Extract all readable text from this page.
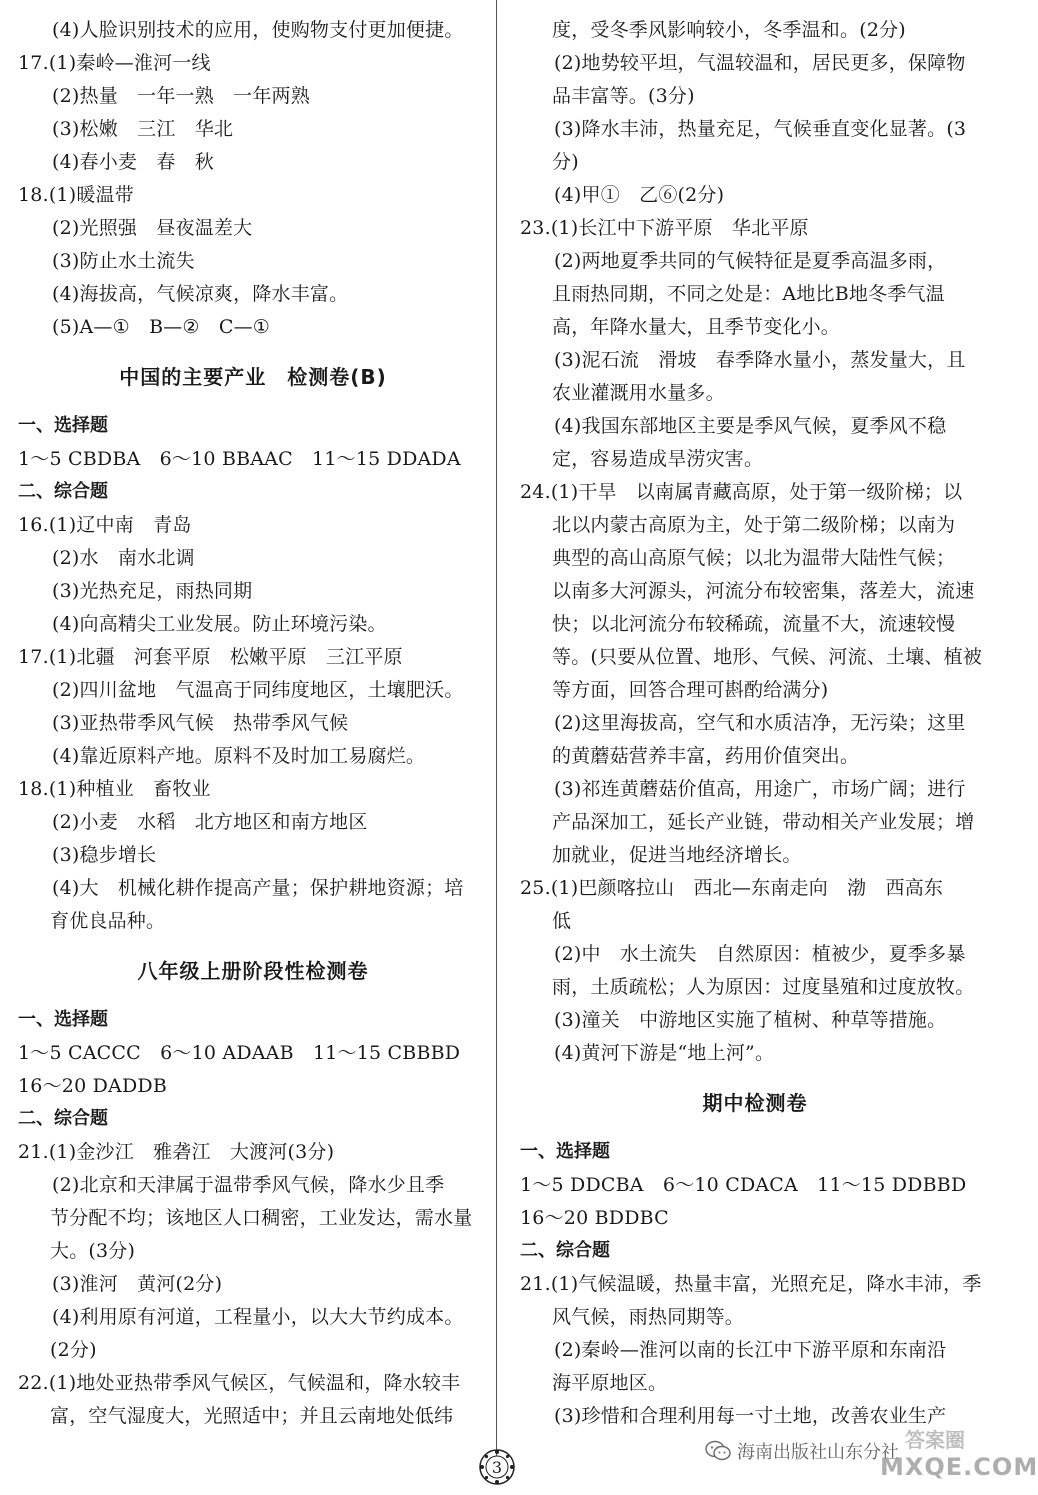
(4)人脸识别技术的应用，使购物支付更加便捷。
17.(1)秦岭—淮河一线
(2)热量　一年一熟　一年两熟
(3)松嫩　三江　华北
(4)春小麦　春　秋
18.(1)暖温带
(2)光照强　昼夜温差大
(3)防止水土流失
(4)海拔高，气候凉爽，降水丰富。
(5)A—①　B—②　C—①
中国的主要产业　检测卷(B)
一、选择题
1～5 CBDBA　6～10 BBAAC　11～15 DDADA
二、综合题
16.(1)辽中南　青岛
(2)水　南水北调
(3)光热充足，雨热同期
(4)向高精尖工业发展。防止环境污染。
17.(1)北疆　河套平原　松嫩平原　三江平原
(2)四川盆地　气温高于同纬度地区，土壤肥沃。
(3)亚热带季风气候　热带季风气候
(4)靠近原料产地。原料不及时加工易腐烂。
18.(1)种植业　畜牧业
(2)小麦　水稻　北方地区和南方地区
(3)稳步增长
(4)大　机械化耕作提高产量；保护耕地资源；培
育优良品种。
八年级上册阶段性检测卷
一、选择题
1～5 CACCC　6～10 ADAAB　11～15 CBBBD
16～20 DADDB
二、综合题
21.(1)金沙江　雅砻江　大渡河(3分)
(2)北京和天津属于温带季风气候，降水少且季
节分配不均；该地区人口稠密，工业发达，需水量
大。(3分)
(3)淮河　黄河(2分)
(4)利用原有河道，工程量小，以大大节约成本。
(2分)
22.(1)地处亚热带季风气候区，气候温和，降水较丰
富，空气湿度大，光照适中；并且云南地处低纬
度，受冬季风影响较小，冬季温和。(2分)
(2)地势较平坦，气温较温和，居民更多，保障物
品丰富等。(3分)
(3)降水丰沛，热量充足，气候垂直变化显著。(3
分)
(4)甲①　乙⑥(2分)
23.(1)长江中下游平原　华北平原
(2)两地夏季共同的气候特征是夏季高温多雨，
且雨热同期，不同之处是：A地比B地冬季气温
高，年降水量大，且季节变化小。
(3)泥石流　滑坡　春季降水量小，蒸发量大，且
农业灌溉用水量多。
(4)我国东部地区主要是季风气候，夏季风不稳
定，容易造成旱涝灾害。
24.(1)干旱　以南属青藏高原，处于第一级阶梯；以
北以内蒙古高原为主，处于第二级阶梯；以南为
典型的高山高原气候；以北为温带大陆性气候；
以南多大河源头，河流分布较密集，落差大，流速
快；以北河流分布较稀疏，流量不大，流速较慢
等。(只要从位置、地形、气候、河流、土壤、植被
等方面，回答合理可斟酌给满分)
(2)这里海拔高，空气和水质洁净，无污染；这里
的黄蘑菇营养丰富，药用价值突出。
(3)祁连黄蘑菇价值高，用途广，市场广阔；进行
产品深加工，延长产业链，带动相关产业发展；增
加就业，促进当地经济增长。
25.(1)巴颜喀拉山　西北—东南走向　渤　西高东
低
(2)中　水土流失　自然原因：植被少，夏季多暴
雨，土质疏松；人为原因：过度垦殖和过度放牧。
(3)潼关　中游地区实施了植树、种草等措施。
(4)黄河下游是“地上河”。
期中检测卷
一、选择题
1～5 DDCBA　6～10 CDACA　11～15 DDBBD
16～20 BDDBC
二、综合题
21.(1)气候温暖，热量丰富，光照充足，降水丰沛，季
风气候，雨热同期等。
(2)秦岭—淮河以南的长江中下游平原和东南沿
海平原地区。
(3)珍惜和合理利用每一寸土地，改善农业生产
3
海南出版社山东分社
MXQE.COM
答案圈
